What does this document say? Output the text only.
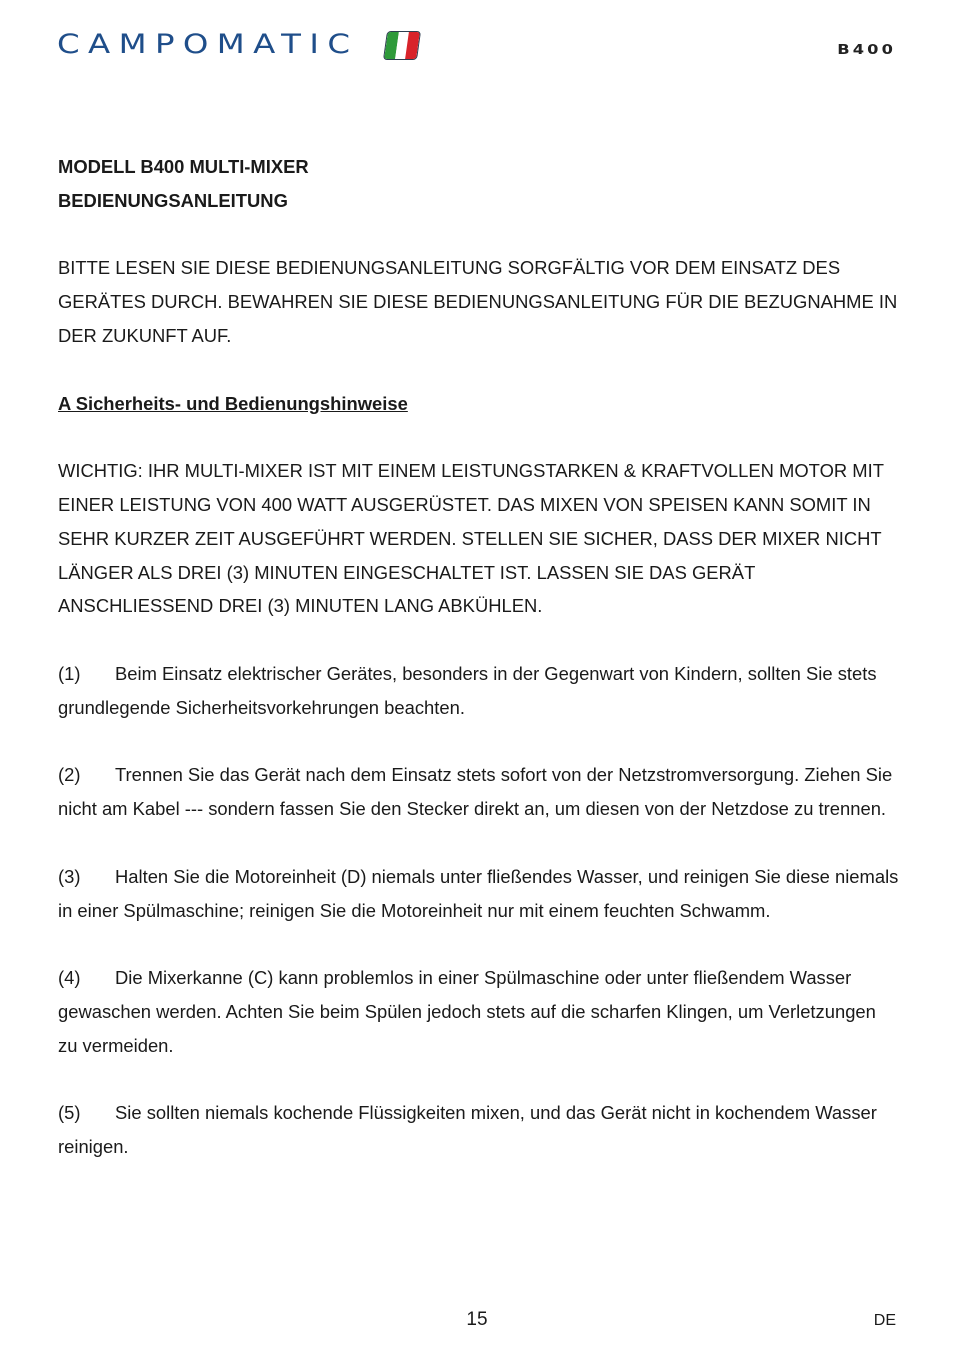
CAMPOMATIC	B400

MODELL B400 MULTI-MIXER

BEDIENUNGSANLEITUNG

BITTE LESEN SIE DIESE BEDIENUNGSANLEITUNG SORGFÄLTIG VOR DEM EINSATZ DES GERÄTES DURCH. BEWAHREN SIE DIESE BEDIENUNGSANLEITUNG FÜR DIE BEZUGNAHME IN DER ZUKUNFT AUF.

A Sicherheits- und Bedienungshinweise

WICHTIG: IHR MULTI-MIXER IST MIT EINEM LEISTUNGSTARKEN & KRAFTVOLLEN MOTOR MIT EINER LEISTUNG VON 400 WATT AUSGERÜSTET. DAS MIXEN VON SPEISEN KANN SOMIT IN SEHR KURZER ZEIT AUSGEFÜHRT WERDEN. STELLEN SIE SICHER, DASS DER MIXER NICHT LÄNGER ALS DREI (3) MINUTEN EINGESCHALTET IST. LASSEN SIE DAS GERÄT ANSCHLIESSEND DREI (3) MINUTEN LANG ABKÜHLEN.

(1) Beim Einsatz elektrischer Gerätes, besonders in der Gegenwart von Kindern, sollten Sie stets grundlegende Sicherheitsvorkehrungen beachten.

(2) Trennen Sie das Gerät nach dem Einsatz stets sofort von der Netzstromversorgung. Ziehen Sie nicht am Kabel --- sondern fassen Sie den Stecker direkt an, um diesen von der Netzdose zu trennen.

(3) Halten Sie die Motoreinheit (D) niemals unter fließendes Wasser, und reinigen Sie diese niemals in einer Spülmaschine; reinigen Sie die Motoreinheit nur mit einem feuchten Schwamm.

(4) Die Mixerkanne (C) kann problemlos in einer Spülmaschine oder unter fließendem Wasser gewaschen werden. Achten Sie beim Spülen jedoch stets auf die scharfen Klingen, um Verletzungen zu vermeiden.

(5) Sie sollten niemals kochende Flüssigkeiten mixen, und das Gerät nicht in kochendem Wasser reinigen.

15	DE
